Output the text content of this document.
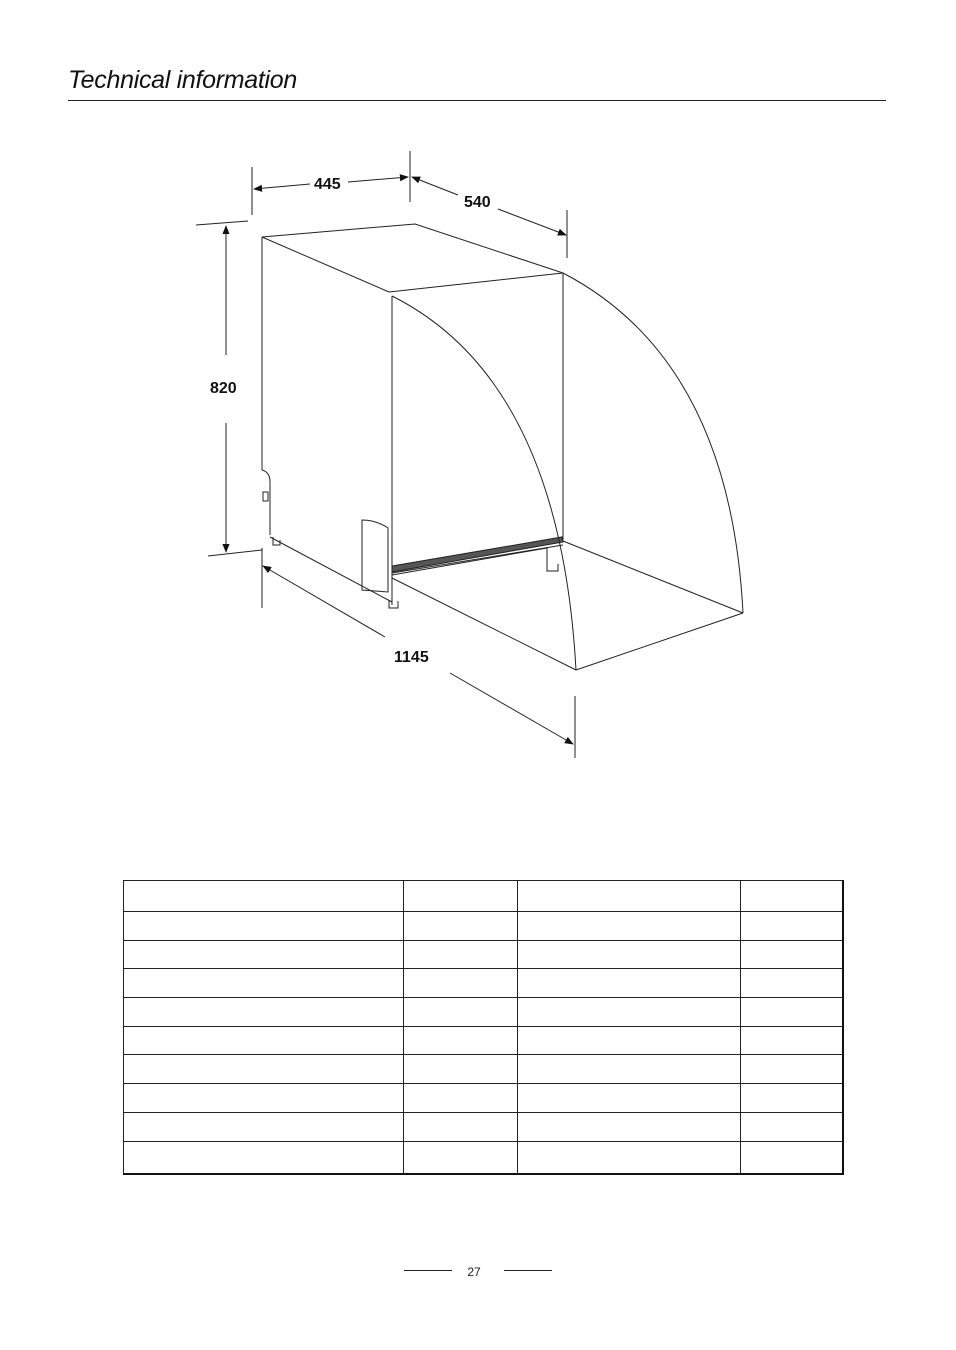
Technical information
445
540
820
1145

27
